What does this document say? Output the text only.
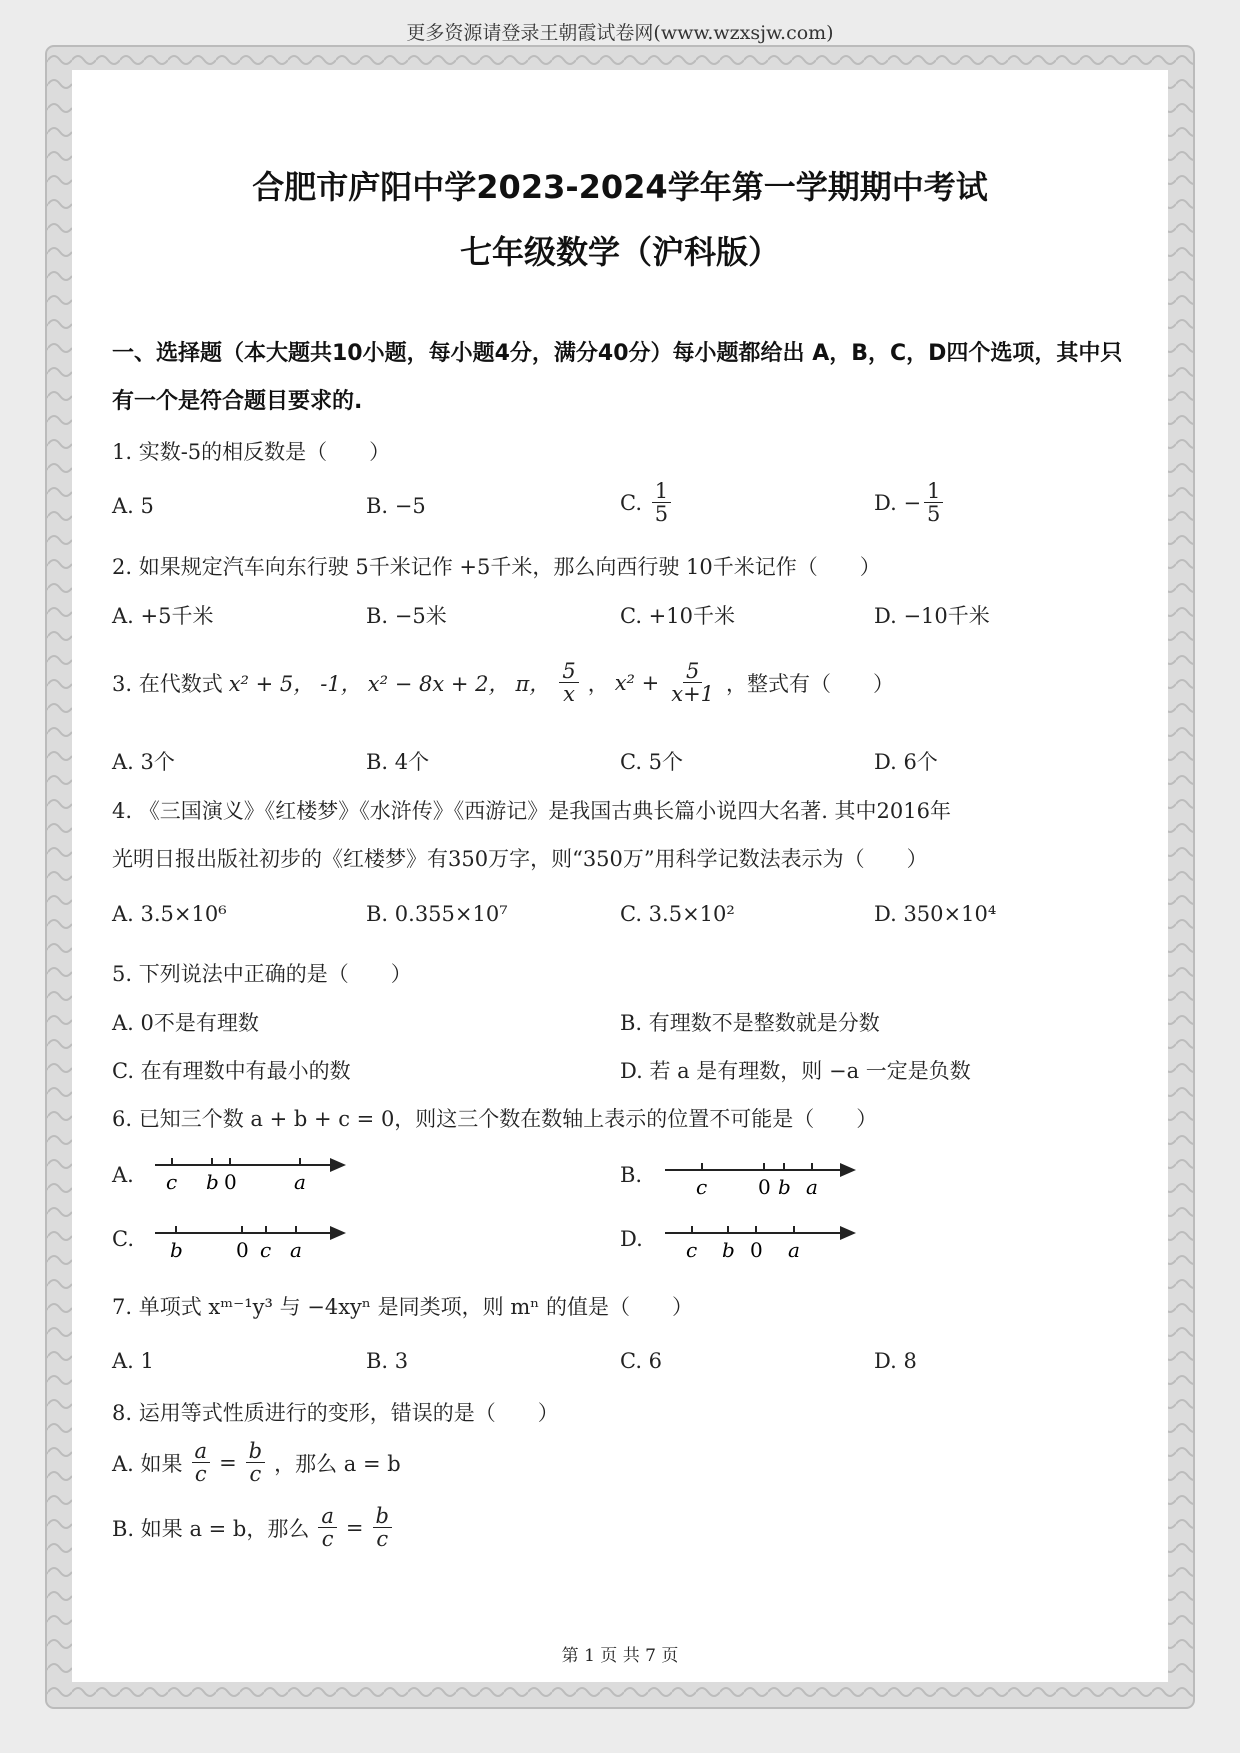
更多资源请登录王朝霞试卷网(www.wzxsjw.com)
合肥市庐阳中学2023-2024学年第一学期期中考试
七年级数学（沪科版）
一、选择题（本大题共10小题，每小题4分，满分40分）每小题都给出 A，B，C，D四个选项，其中只有一个是符合题目要求的.
1. 实数-5的相反数是（　　）
A. 5	B. −5	C. $\frac{1}{5}$	D. − $\frac{1}{5}$
2. 如果规定汽车向东行驶 5千米记作 +5千米，那么向西行驶 10千米记作（　　）
A. +5千米	B. −5米	C. +10千米	D. −10千米
3. 在代数式 x² + 5， -1， x² − 8x + 2， π， $\frac{5}{x}$ ， $x^2 + \frac{5}{x+1}$ ，整式有（　　）
A. 3个	B. 4个	C. 5个	D. 6个
4. 《三国演义》《红楼梦》《水浒传》《西游记》是我国古典长篇小说四大名著. 其中2016年
光明日报出版社初步的《红楼梦》有350万字，则“350万”用科学记数法表示为（　　）
A. 3.5×10⁶	B. 0.355×10⁷	C. 3.5×10²	D. 350×10⁴
5. 下列说法中正确的是（　　）
A. 0不是有理数	B. 有理数不是整数就是分数
C. 在有理数中有最小的数	D. 若 a 是有理数，则 −a 一定是负数
6. 已知三个数 a + b + c = 0，则这三个数在数轴上表示的位置不可能是（　　）
A.	B.
C.	D.
c b 0	a	c	0 b a
b	0 c a	c b 0 a
7. 单项式 xᵐ⁻¹y³ 与 −4xyⁿ 是同类项，则 mⁿ 的值是（　　）
A. 1	B. 3	C. 6	D. 8
8. 运用等式性质进行的变形，错误的是（　　）
A. 如果 $\frac{a}{c} = \frac{b}{c}$ ，那么 a = b
B. 如果 a = b，那么 $\frac{a}{c} = \frac{b}{c}$
第 1 页 共 7 页
